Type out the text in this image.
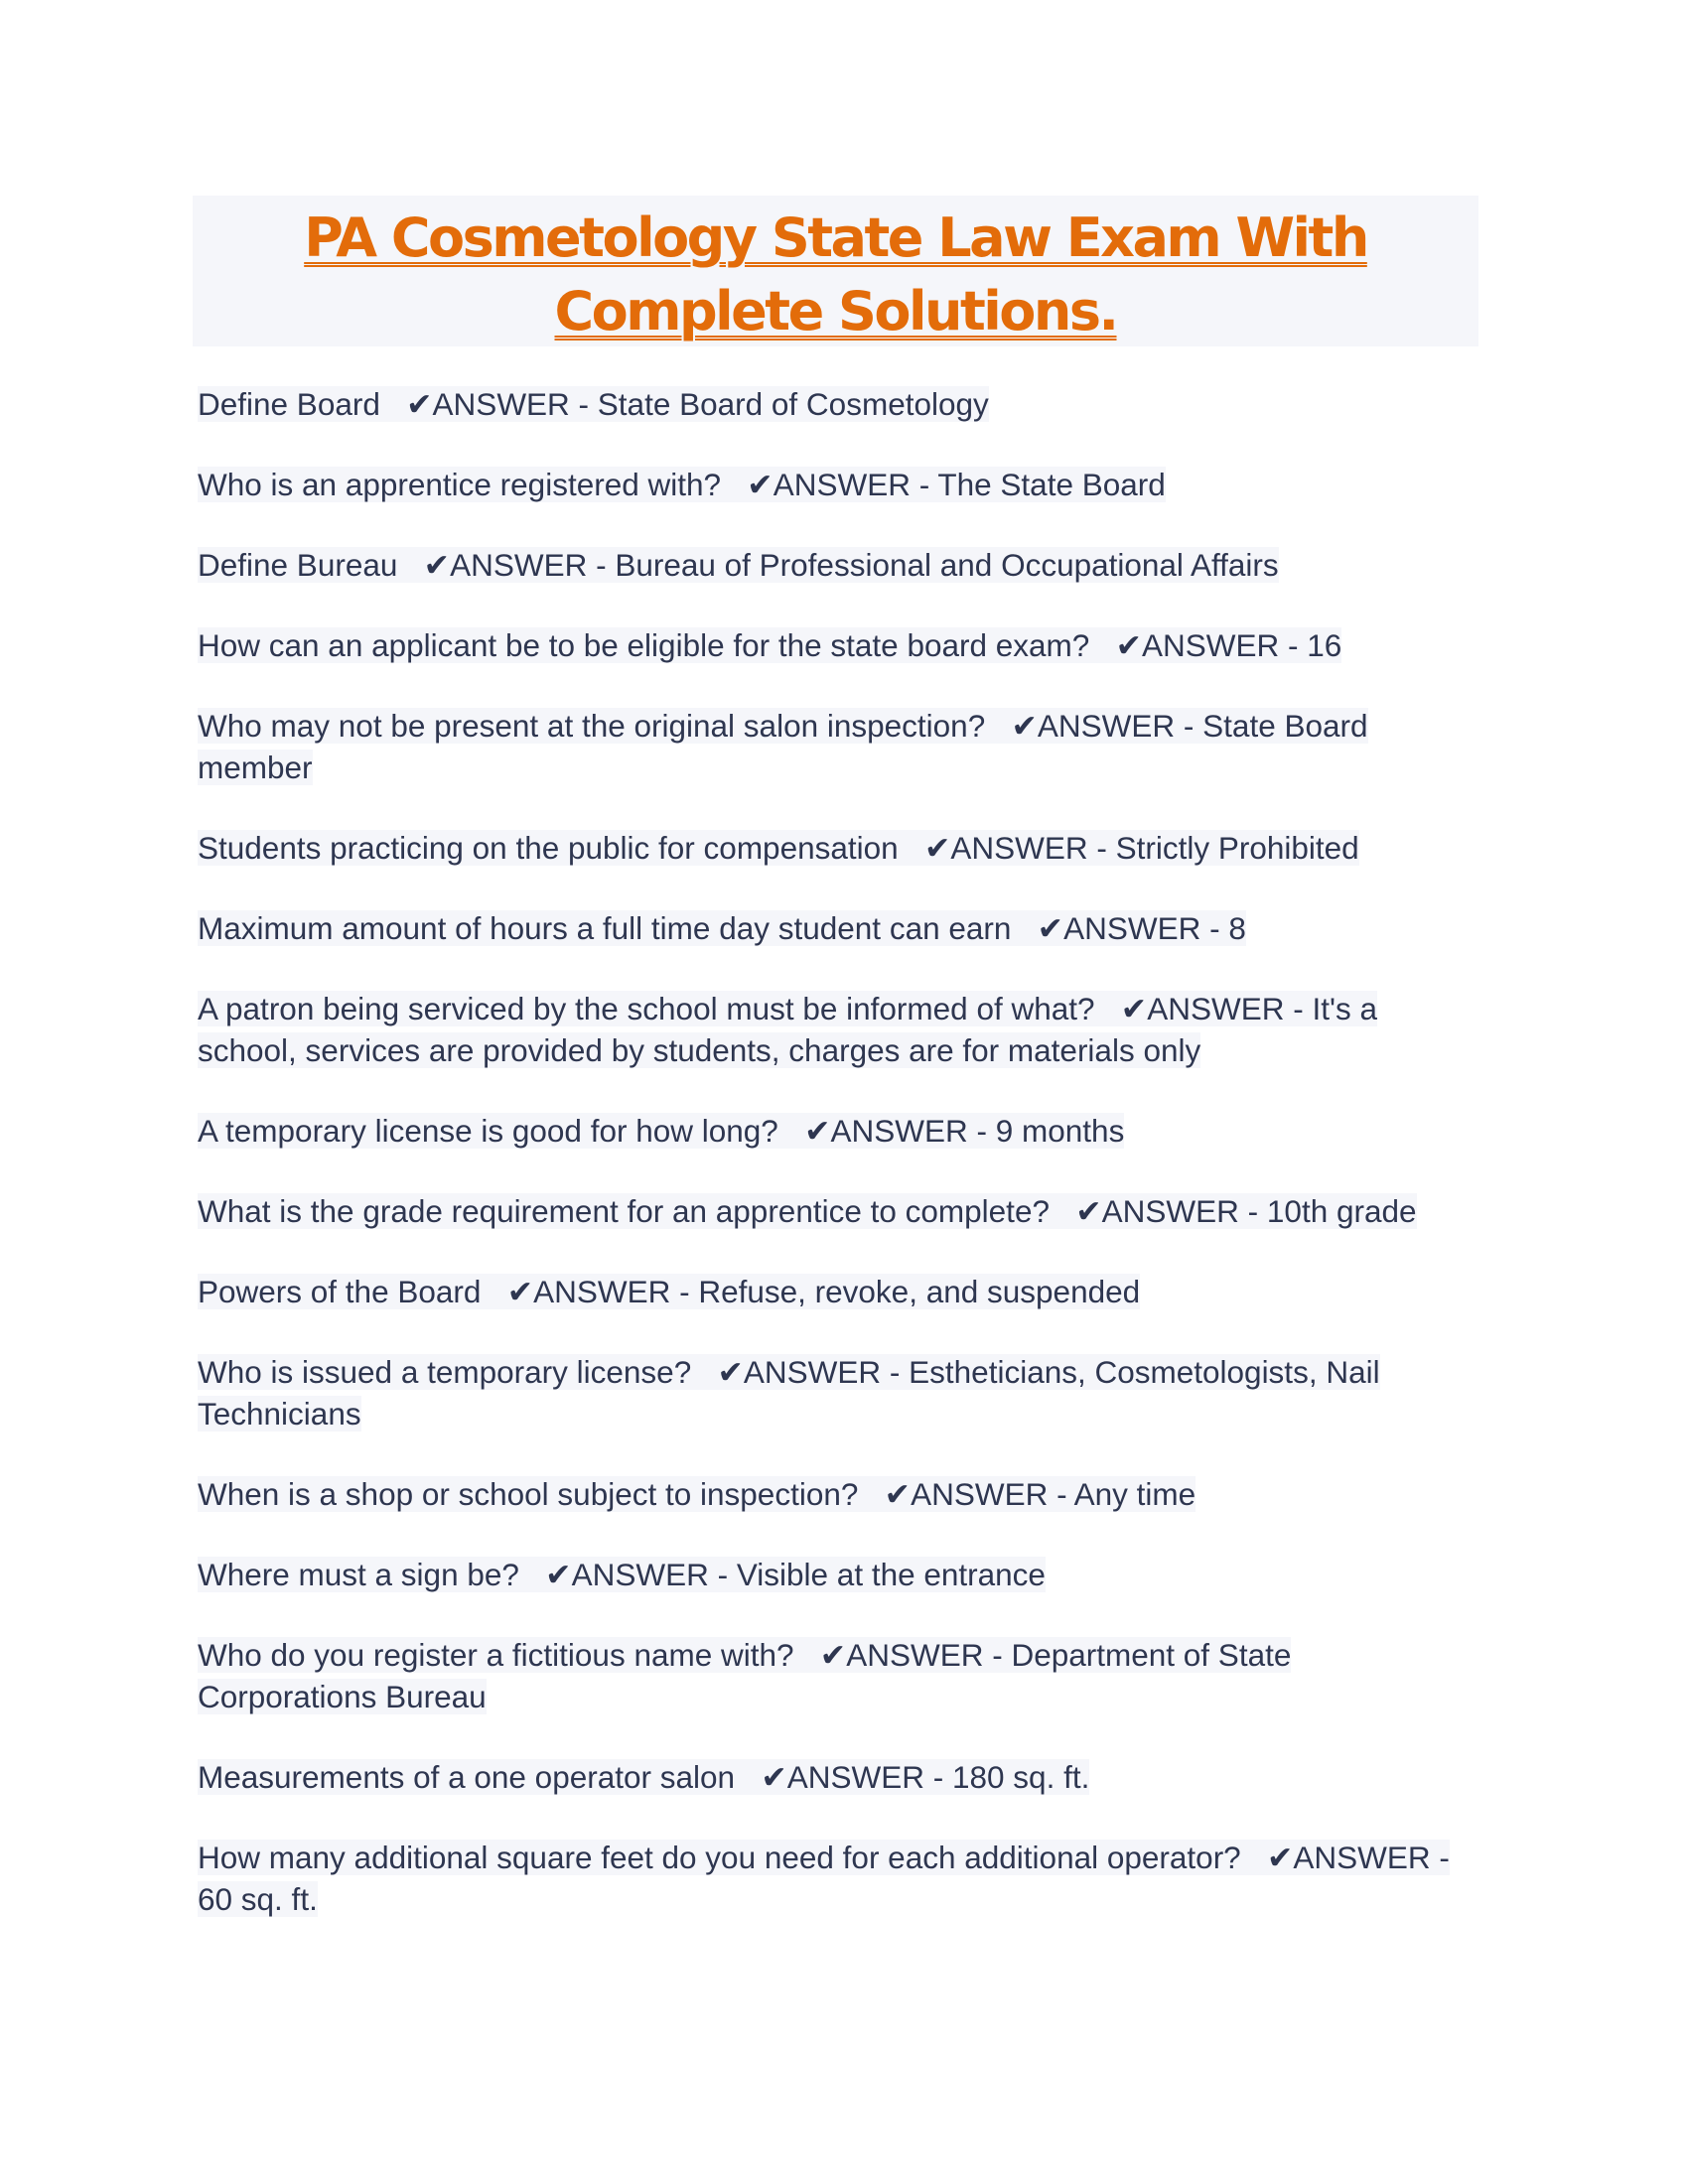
PA Cosmetology State Law Exam With Complete Solutions.

Define Board ✔ANSWER - State Board of Cosmetology

Who is an apprentice registered with? ✔ANSWER - The State Board

Define Bureau ✔ANSWER - Bureau of Professional and Occupational Affairs

How can an applicant be to be eligible for the state board exam? ✔ANSWER - 16

Who may not be present at the original salon inspection? ✔ANSWER - State Board member

Students practicing on the public for compensation ✔ANSWER - Strictly Prohibited

Maximum amount of hours a full time day student can earn ✔ANSWER - 8

A patron being serviced by the school must be informed of what? ✔ANSWER - It's a school, services are provided by students, charges are for materials only

A temporary license is good for how long? ✔ANSWER - 9 months

What is the grade requirement for an apprentice to complete? ✔ANSWER - 10th grade

Powers of the Board ✔ANSWER - Refuse, revoke, and suspended

Who is issued a temporary license? ✔ANSWER - Estheticians, Cosmetologists, Nail Technicians

When is a shop or school subject to inspection? ✔ANSWER - Any time

Where must a sign be? ✔ANSWER - Visible at the entrance

Who do you register a fictitious name with? ✔ANSWER - Department of State Corporations Bureau

Measurements of a one operator salon ✔ANSWER - 180 sq. ft.

How many additional square feet do you need for each additional operator? ✔ANSWER - 60 sq. ft.
